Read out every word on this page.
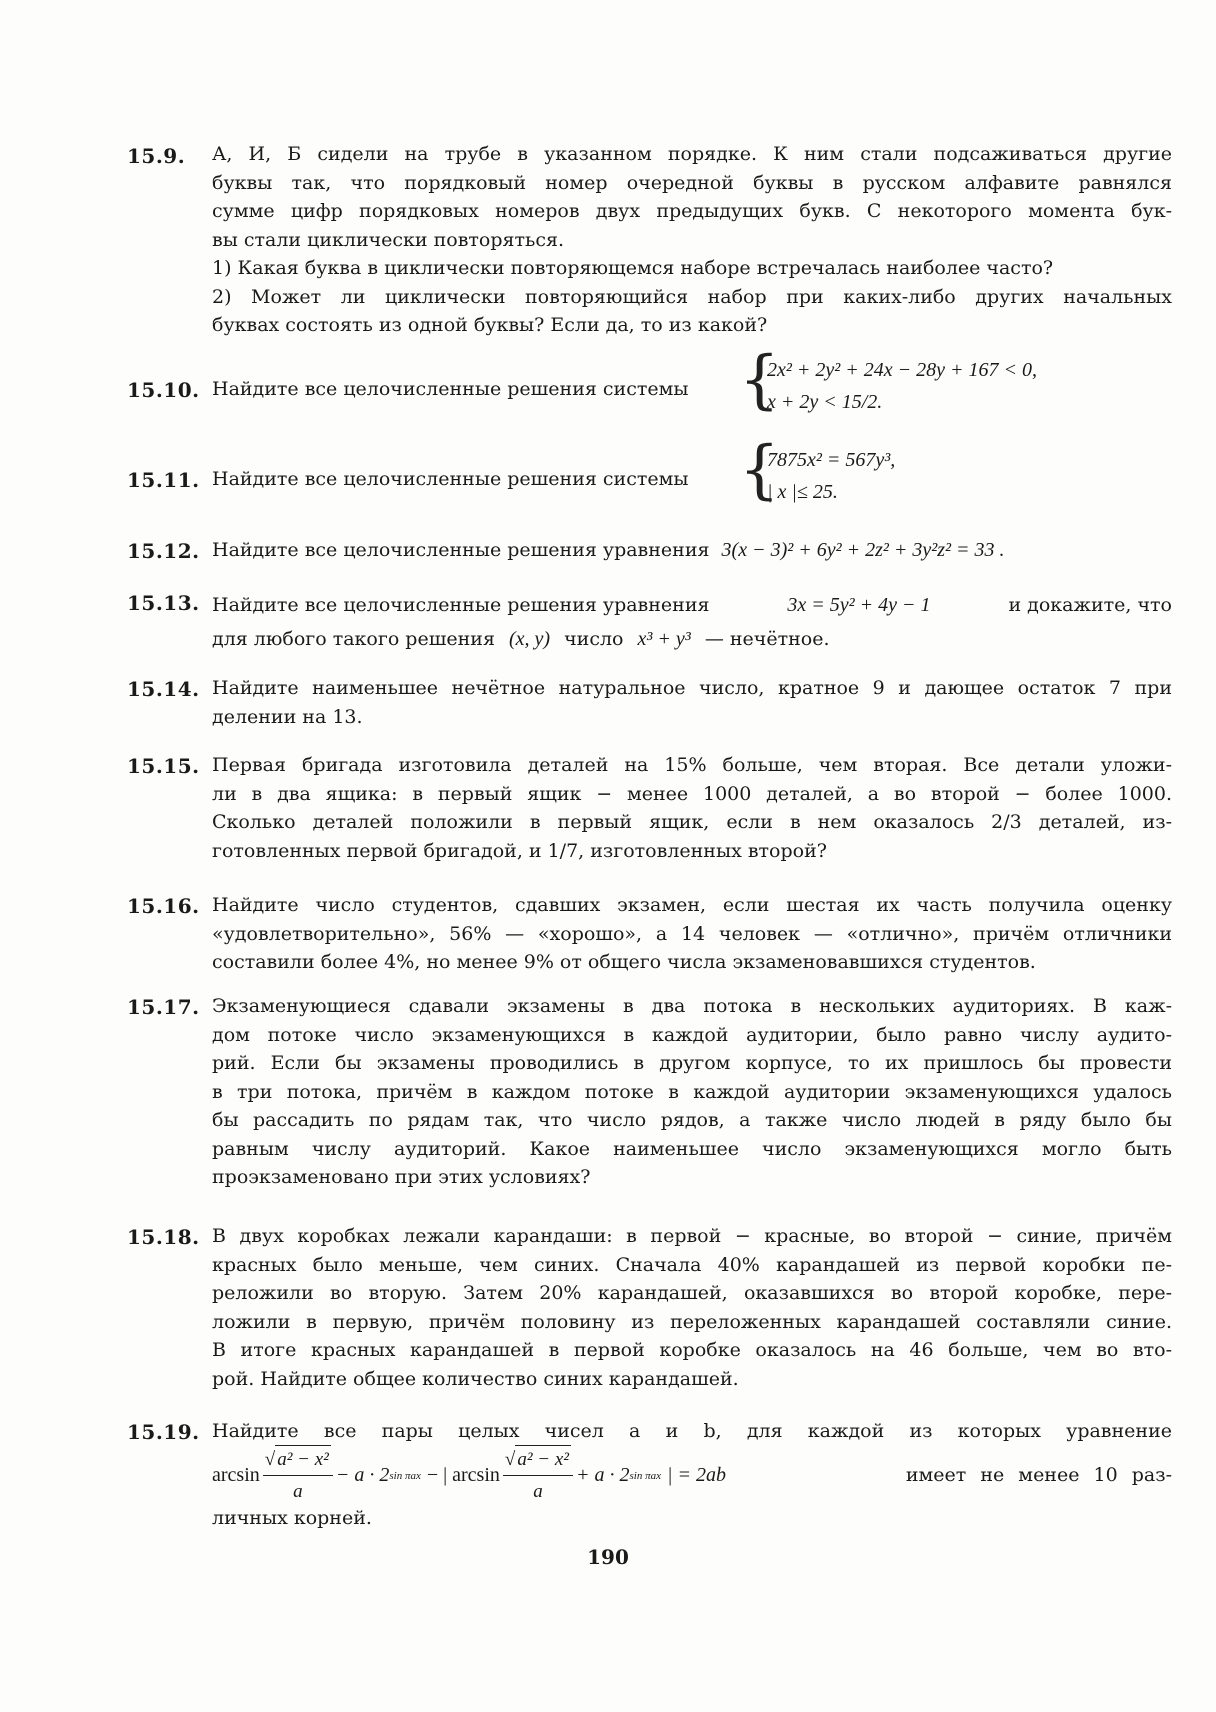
15.9. А, И, Б сидели на трубе в указанном порядке. К ним стали подсаживаться другие
буквы так, что порядковый номер очередной буквы в русском алфавите равнялся
сумме цифр порядковых номеров двух предыдущих букв. С некоторого момента бук-
вы стали циклически повторяться.
1) Какая буква в циклически повторяющемся наборе встречалась наиболее часто?
2) Может ли циклически повторяющийся набор при каких-либо других начальных
буквах состоять из одной буквы? Если да, то из какой?
15.10. Найдите все целочисленные решения системы {
2x² + 2y² + 24x − 28y + 167 < 0,
x + 2y < 15/2.
15.11. Найдите все целочисленные решения системы {
7875x² = 567y³,
| x |≤ 25.
15.12. Найдите все целочисленные решения уравнения 3(x − 3)² + 6y² + 2z² + 3y²z² = 33 .
15.13. Найдите все целочисленные решения уравнения	3x = 5y² + 4y − 1	и докажите, что
для любого такого решения (x, y) число x³ + y³ — нечётное.
15.14. Найдите наименьшее нечётное натуральное число, кратное 9 и дающее остаток 7 при
делении на 13.
15.15. Первая бригада изготовила деталей на 15% больше, чем вторая. Все детали уложи-
ли в два ящика: в первый ящик − менее 1000 деталей, а во второй − более 1000.
Сколько деталей положили в первый ящик, если в нем оказалось 2/3 деталей, из-
готовленных первой бригадой, и 1/7, изготовленных второй?
15.16. Найдите число студентов, сдавших экзамен, если шестая их часть получила оценку
«удовлетворительно», 56% — «хорошо», а 14 человек — «отлично», причём отличники
составили более 4%, но менее 9% от общего числа экзаменовавшихся студентов.
15.17. Экзаменующиеся сдавали экзамены в два потока в нескольких аудиториях. В каж-
дом потоке число экзаменующихся в каждой аудитории, было равно числу аудито-
рий. Если бы экзамены проводились в другом корпусе, то их пришлось бы провести
в три потока, причём в каждом потоке в каждой аудитории экзаменующихся удалось
бы рассадить по рядам так, что число рядов, а также число людей в ряду было бы
равным числу аудиторий. Какое наименьшее число экзаменующихся могло быть
проэкзаменовано при этих условиях?
15.18. В двух коробках лежали карандаши: в первой − красные, во второй − синие, причём
красных было меньше, чем синих. Сначала 40% карандашей из первой коробки пе-
реложили во вторую. Затем 20% карандашей, оказавшихся во второй коробке, пере-
ложили в первую, причём половину из переложенных карандашей составляли синие.
В итоге красных карандашей в первой коробке оказалось на 46 больше, чем во вто-
рой. Найдите общее количество синих карандашей.
15.19. Найдите все пары целых чисел a и b, для каждой из которых уравнение
$\arcsin \frac{\text{√ a² − x²}}{a} - a \cdot 2$ sin πax − | $\arcsin \frac{\text{√ a² − x²}}{a} + a \cdot 2$ sin πax | = 2ab	имеет не менее 10 раз-
личных корней.
190
